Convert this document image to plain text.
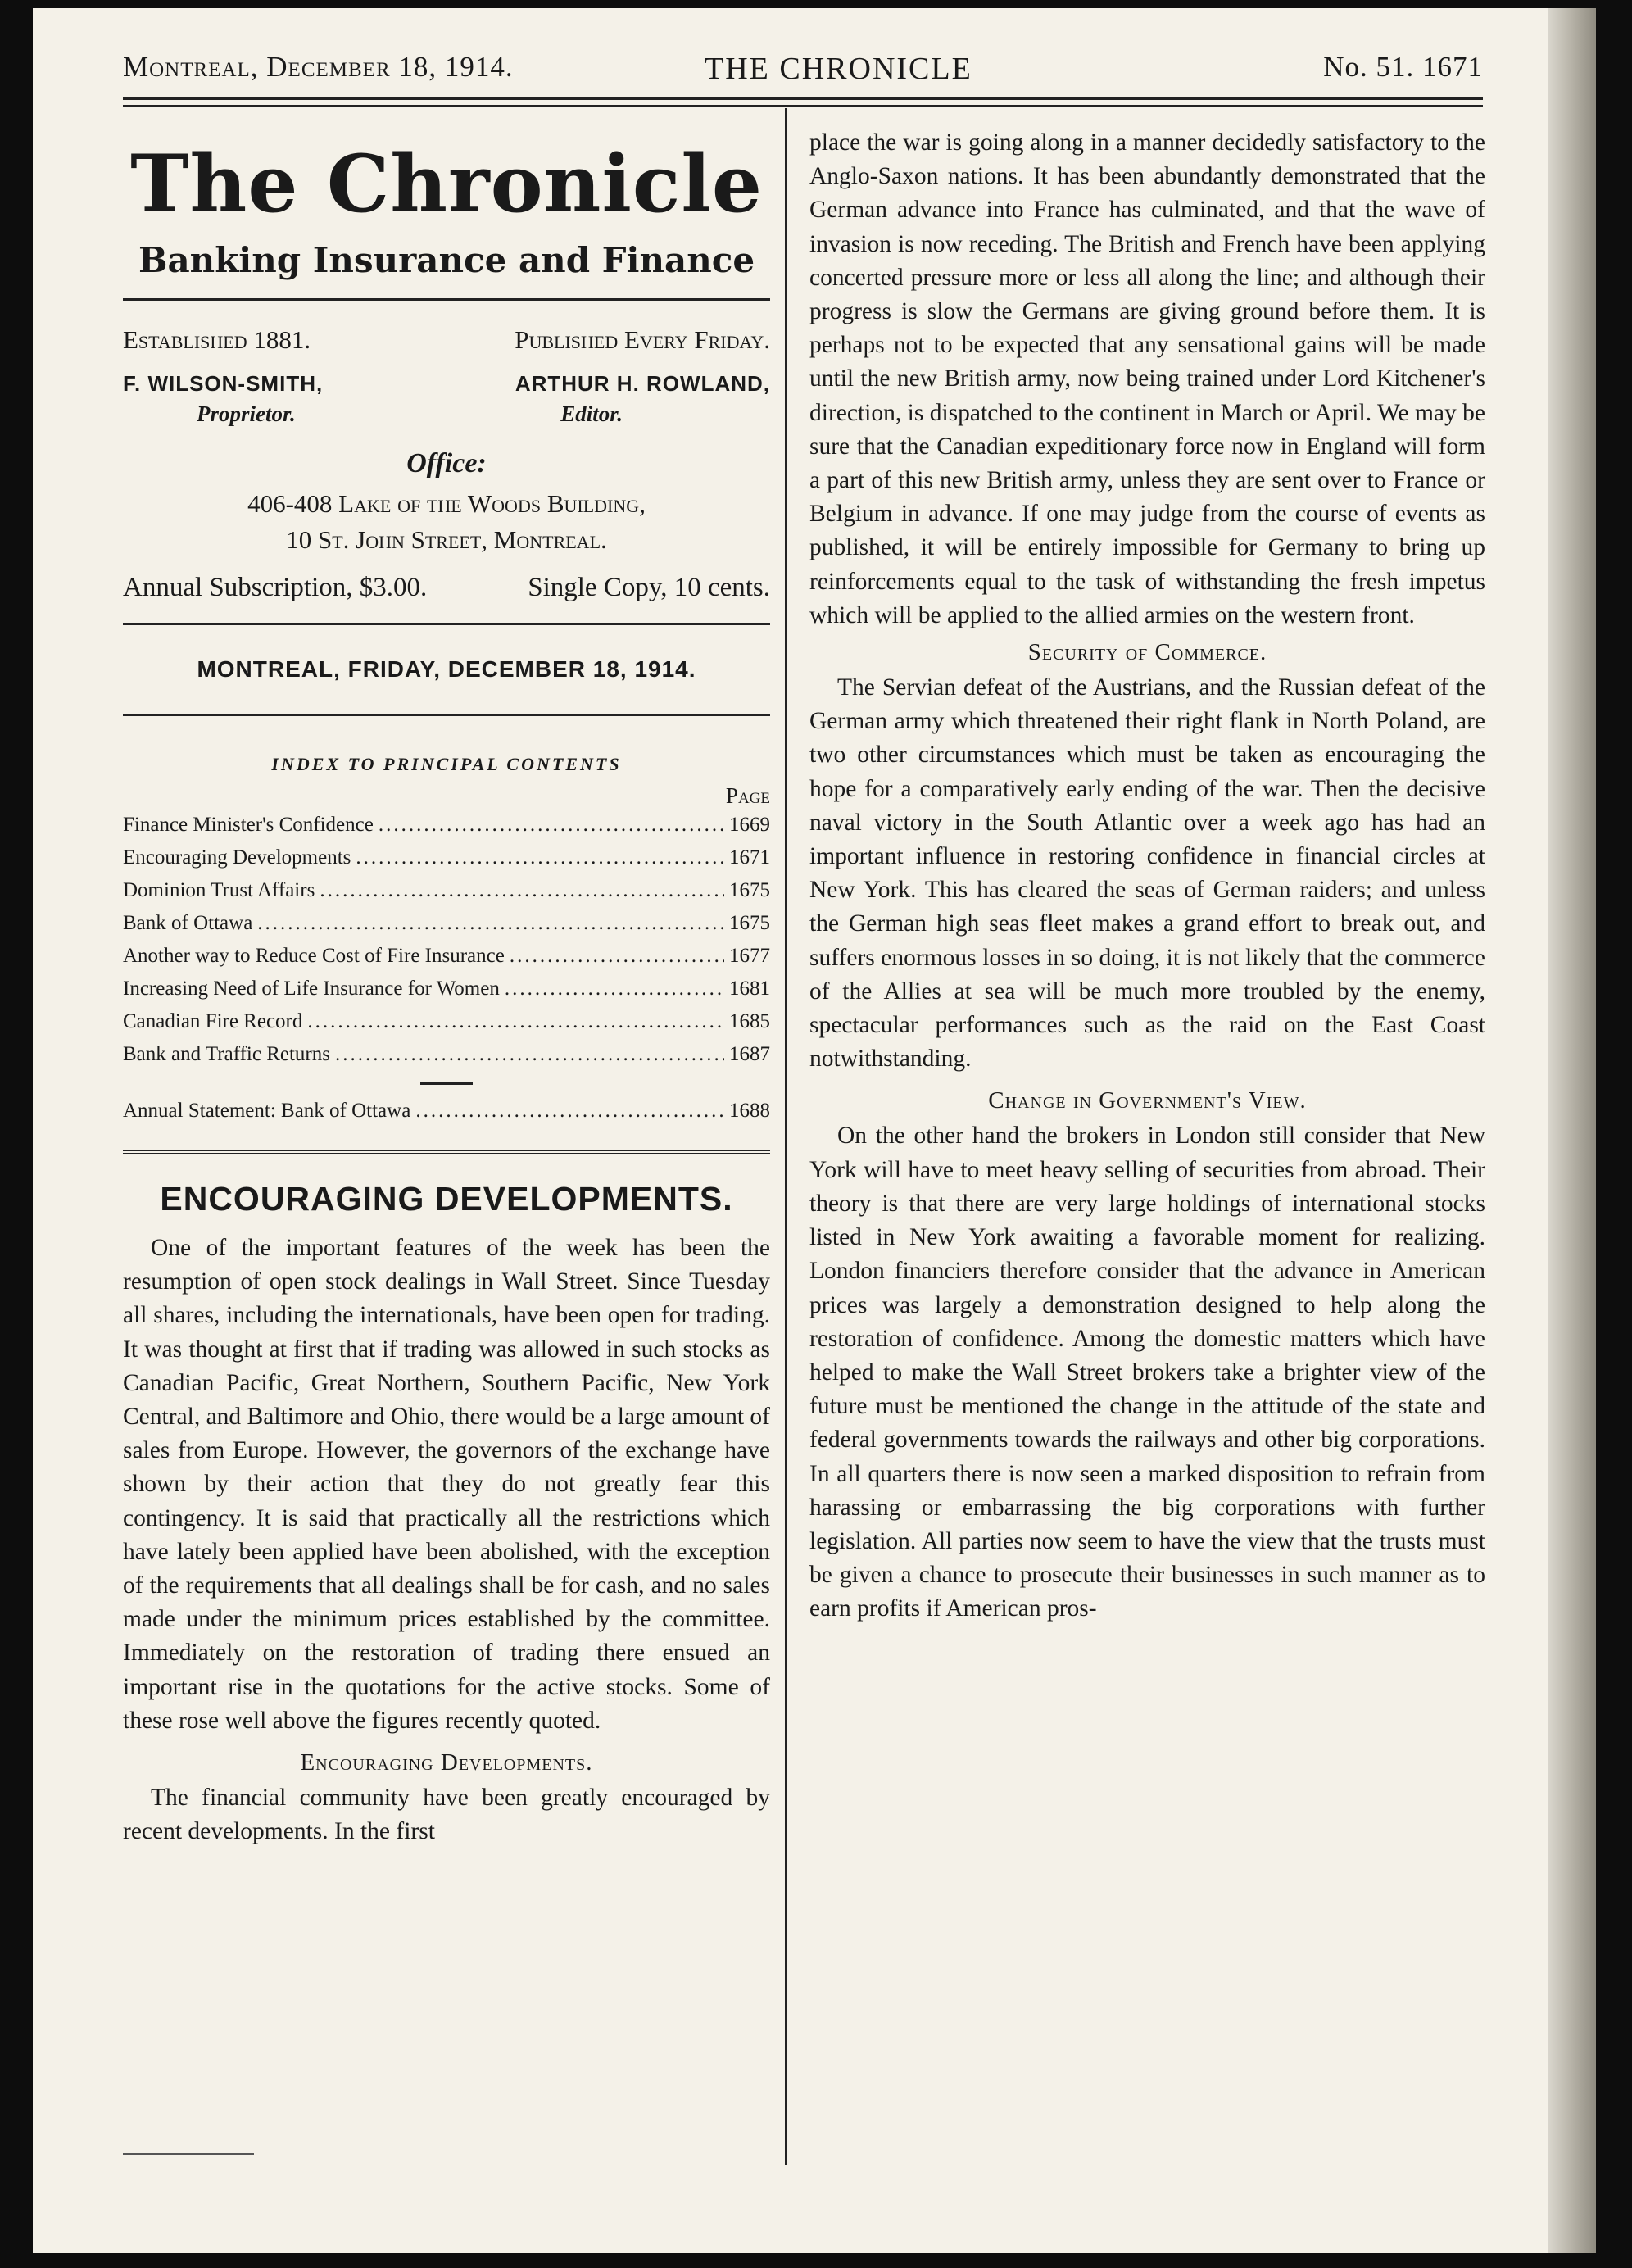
Montreal, December 18, 1914.	THE CHRONICLE	No. 51. 1671
The Chronicle
Banking Insurance and Finance
Established 1881.	Published Every Friday.
F. WILSON-SMITH,	ARTHUR H. ROWLAND,
Proprietor.	Editor.
Office:
406-408 Lake of the Woods Building,
10 St. John Street, Montreal.
Annual Subscription, $3.00.	Single Copy, 10 cents.
MONTREAL, FRIDAY, DECEMBER 18, 1914.
INDEX TO PRINCIPAL CONTENTS
Page
Finance Minister's Confidence .....	1669
Encouraging Developments .....	1671
Dominion Trust Affairs .....	1675
Bank of Ottawa .....	1675
Another way to Reduce Cost of Fire Insurance .....	1677
Increasing Need of Life Insurance for Women .....	1681
Canadian Fire Record .....	1685
Bank and Traffic Returns .....	1687
Annual Statement: Bank of Ottawa .....	1688
ENCOURAGING DEVELOPMENTS.

One of the important features of the week has been the resumption of open stock dealings in Wall Street. Since Tuesday all shares, including the internationals, have been open for trading. It was thought at first that if trading was allowed in such stocks as Canadian Pacific, Great Northern, Southern Pacific, New York Central, and Baltimore and Ohio, there would be a large amount of sales from Europe. However, the governors of the exchange have shown by their action that they do not greatly fear this contingency. It is said that practically all the restrictions which have lately been applied have been abolished, with the exception of the requirements that all dealings shall be for cash, and no sales made under the minimum prices established by the committee. Immediately on the restoration of trading there ensued an important rise in the quotations for the active stocks. Some of these rose well above the figures recently quoted.

Encouraging Developments.

The financial community have been greatly encouraged by recent developments. In the first

place the war is going along in a manner decidedly satisfactory to the Anglo-Saxon nations. It has been abundantly demonstrated that the German advance into France has culminated, and that the wave of invasion is now receding. The British and French have been applying concerted pressure more or less all along the line; and although their progress is slow the Germans are giving ground before them. It is perhaps not to be expected that any sensational gains will be made until the new British army, now being trained under Lord Kitchener's direction, is dispatched to the continent in March or April. We may be sure that the Canadian expeditionary force now in England will form a part of this new British army, unless they are sent over to France or Belgium in advance. If one may judge from the course of events as published, it will be entirely impossible for Germany to bring up reinforcements equal to the task of withstanding the fresh impetus which will be applied to the allied armies on the western front.

Security of Commerce.

The Servian defeat of the Austrians, and the Russian defeat of the German army which threatened their right flank in North Poland, are two other circumstances which must be taken as encouraging the hope for a comparatively early ending of the war. Then the decisive naval victory in the South Atlantic over a week ago has had an important influence in restoring confidence in financial circles at New York. This has cleared the seas of German raiders; and unless the German high seas fleet makes a grand effort to break out, and suffers enormous losses in so doing, it is not likely that the commerce of the Allies at sea will be much more troubled by the enemy, spectacular performances such as the raid on the East Coast notwithstanding.

Change in Government's View.

On the other hand the brokers in London still consider that New York will have to meet heavy selling of securities from abroad. Their theory is that there are very large holdings of international stocks listed in New York awaiting a favorable moment for realizing. London financiers therefore consider that the advance in American prices was largely a demonstration designed to help along the restoration of confidence. Among the domestic matters which have helped to make the Wall Street brokers take a brighter view of the future must be mentioned the change in the attitude of the state and federal governments towards the railways and other big corporations. In all quarters there is now seen a marked disposition to refrain from harassing or embarrassing the big corporations with further legislation. All parties now seem to have the view that the trusts must be given a chance to prosecute their businesses in such manner as to earn profits if American pros-
